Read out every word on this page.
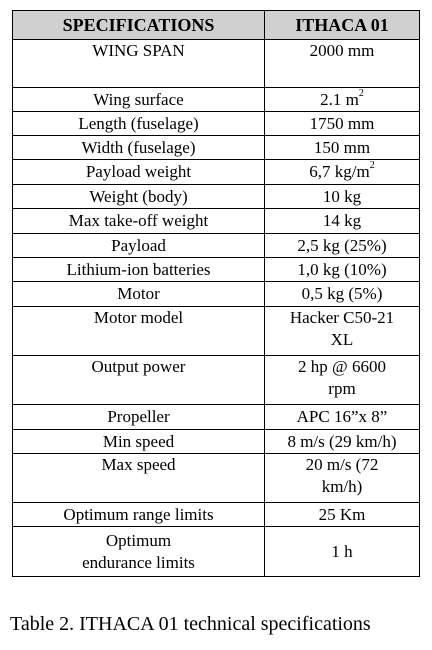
SPECIFICATIONS	ITHACA 01
WING SPAN	2000 mm
Wing surface	2.1 $m^2$
Length (fuselage)	1750 mm
Width (fuselage)	150 mm
Payload weight	6,7 $kg/m^2$
Weight (body)	10 kg
Max take-off weight	14 kg
Payload	2,5 kg (25%)
Lithium-ion batteries	1,0 kg (10%)
Motor	0,5 kg (5%)
Motor model	Hacker C50-21
XL

Output power	2 hp @ 6600
rpm

Propeller	APC 16”x 8”
Min speed	8 m/s (29 km/h)
Max speed	20 m/s (72
km/h)

Optimum range limits	25 Km

Optimum
endurance limits	1 h
Table 2. ITHACA 01 technical specifications
